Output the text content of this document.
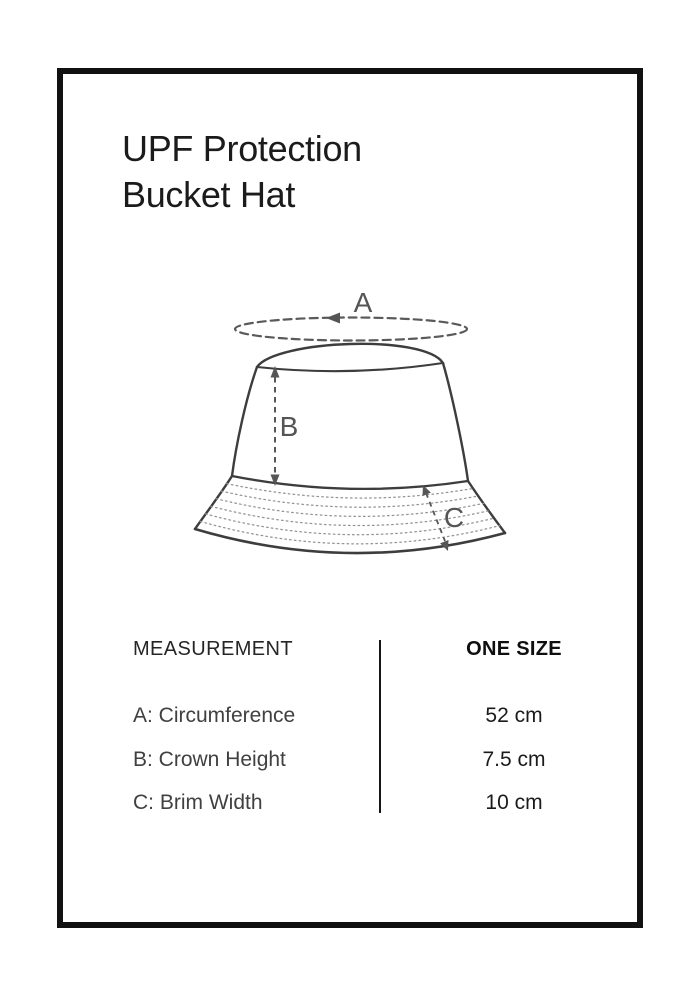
UPF Protection
Bucket Hat
A
B
C
MEASUREMENT	ONE SIZE
A: Circumference	52 cm
B: Crown Height	7.5 cm
C: Brim Width	10 cm
